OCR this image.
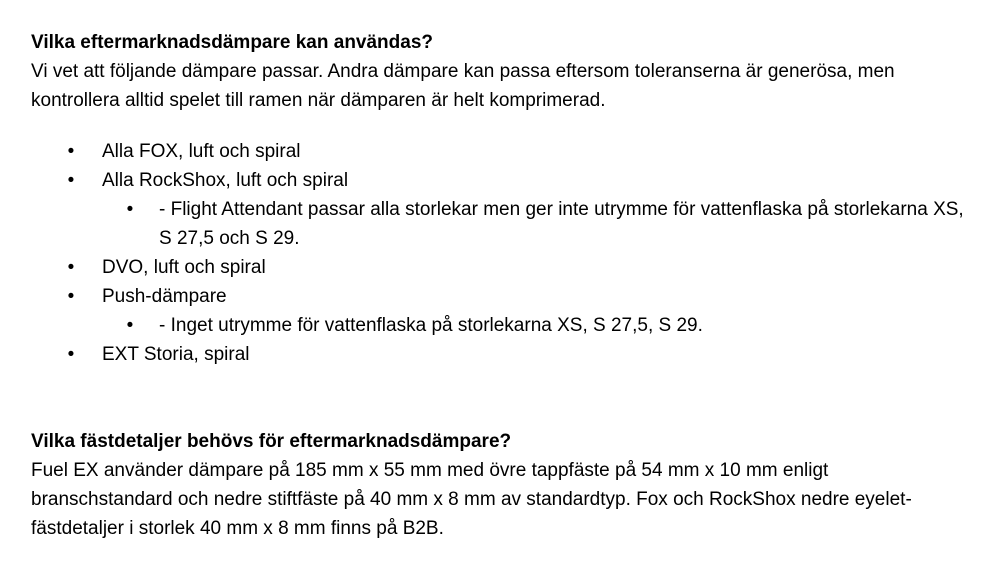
Vilka eftermarknadsdämpare kan användas?

Vi vet att följande dämpare passar. Andra dämpare kan passa eftersom toleranserna är generösa, men kontrollera alltid spelet till ramen när dämparen är helt komprimerad.

• Alla FOX, luft och spiral
• Alla RockShox, luft och spiral
• - Flight Attendant passar alla storlekar men ger inte utrymme för vattenflaska på storlekarna XS, S 27,5 och S 29.
• DVO, luft och spiral
• Push-dämpare
• - Inget utrymme för vattenflaska på storlekarna XS, S 27,5, S 29.
• EXT Storia, spiral

Vilka fästdetaljer behövs för eftermarknadsdämpare?

Fuel EX använder dämpare på 185 mm x 55 mm med övre tappfäste på 54 mm x 10 mm enligt branschstandard och nedre stiftfäste på 40 mm x 8 mm av standardtyp. Fox och RockShox nedre eyelet-fästdetaljer i storlek 40 mm x 8 mm finns på B2B.
